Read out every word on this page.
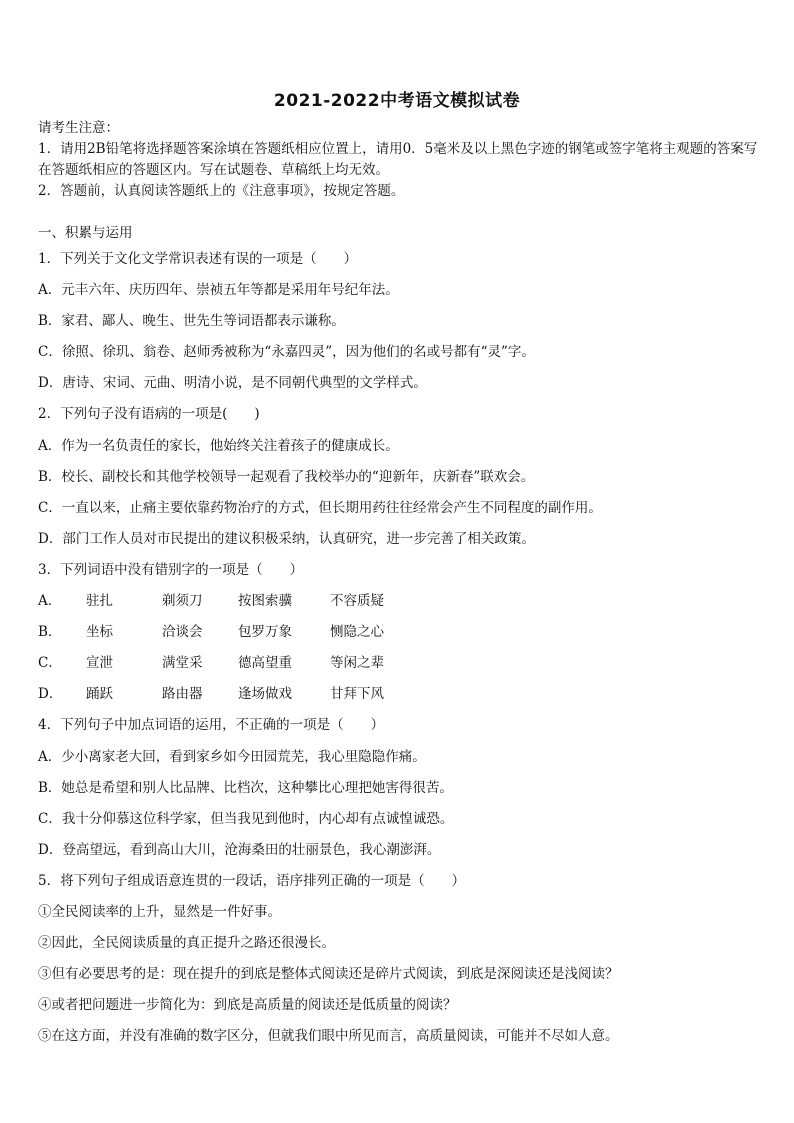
2021-2022中考语文模拟试卷

请考生注意：

1．请用2B铅笔将选择题答案涂填在答题纸相应位置上，请用0．5毫米及以上黑色字迹的钢笔或签字笔将主观题的答案写在答题纸相应的答题区内。写在试题卷、草稿纸上均无效。

2．答题前，认真阅读答题纸上的《注意事项》，按规定答题。

一、积累与运用
1．下列关于文化文学常识表述有误的一项是（　　）
A．元丰六年、庆历四年、崇祯五年等都是采用年号纪年法。
B．家君、鄙人、晚生、世先生等词语都表示谦称。
C．徐照、徐玑、翁卷、赵师秀被称为“永嘉四灵”，因为他们的名或号都有“灵”字。
D．唐诗、宋词、元曲、明清小说，是不同朝代典型的文学样式。
2．下列句子没有语病的一项是(　　)
A．作为一名负责任的家长，他始终关注着孩子的健康成长。
B．校长、副校长和其他学校领导一起观看了我校举办的“迎新年，庆新春”联欢会。
C．一直以来，止痛主要依靠药物治疗的方式，但长期用药往往经常会产生不同程度的副作用。
D．部门工作人员对市民提出的建议积极采纳，认真研究，进一步完善了相关政策。
3．下列词语中没有错别字的一项是（　　）
A． 驻扎	剃须刀	按图索骥	不容质疑
B． 坐标	洽谈会	包罗万象	恻隐之心
C． 宣泄	满堂采	德高望重	等闲之辈
D． 踊跃	路由器	逢场做戏	甘拜下风
4．下列句子中加点词语的运用，不正确的一项是（　　）
A．少小离家老大回，看到家乡如今田园荒芜，我心里隐隐作痛。
B．她总是希望和别人比品牌、比档次，这种攀比心理把她害得很苦。
C．我十分仰慕这位科学家，但当我见到他时，内心却有点诚惶诚恐。
D．登高望远，看到高山大川，沧海桑田的壮丽景色，我心潮澎湃。
5．将下列句子组成语意连贯的一段话，语序排列正确的一项是（　　）
①全民阅读率的上升，显然是一件好事。
②因此，全民阅读质量的真正提升之路还很漫长。
③但有必要思考的是：现在提升的到底是整体式阅读还是碎片式阅读，到底是深阅读还是浅阅读？
④或者把问题进一步简化为：到底是高质量的阅读还是低质量的阅读？
⑤在这方面，并没有准确的数字区分，但就我们眼中所见而言，高质量阅读，可能并不尽如人意。
